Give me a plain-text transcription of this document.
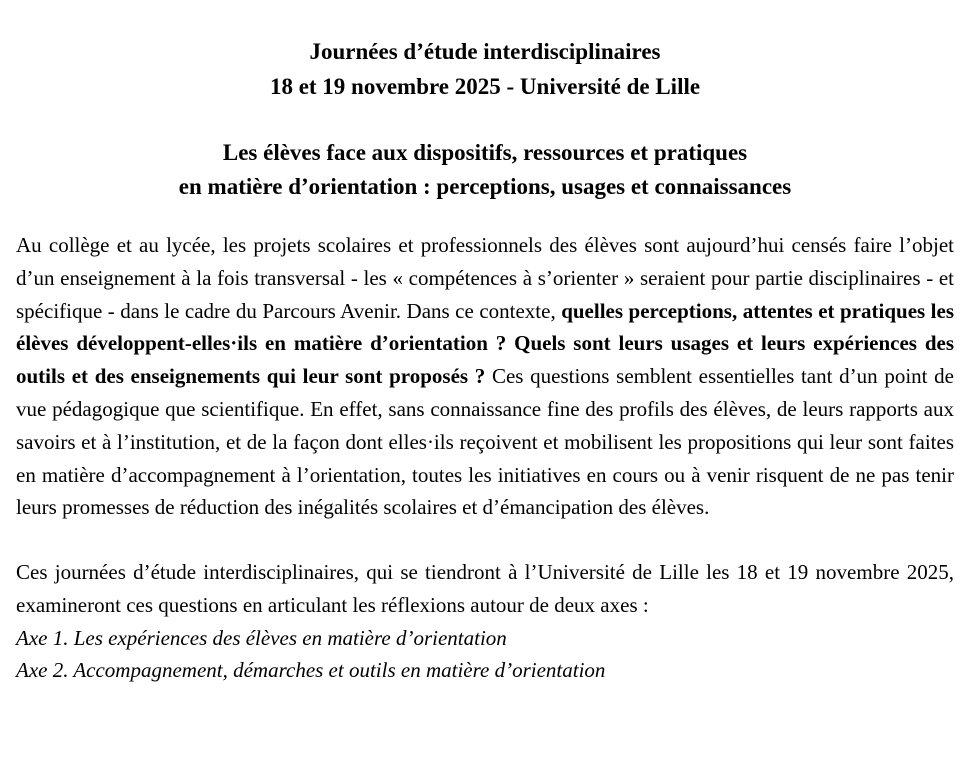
Journées d’étude interdisciplinaires
18 et 19 novembre 2025 - Université de Lille
Les élèves face aux dispositifs, ressources et pratiques
en matière d’orientation : perceptions, usages et connaissances

Au collège et au lycée, les projets scolaires et professionnels des élèves sont aujourd’hui censés faire l’objet d’un enseignement à la fois transversal - les « compétences à s’orienter » seraient pour partie disciplinaires - et spécifique - dans le cadre du Parcours Avenir. Dans ce contexte, quelles perceptions, attentes et pratiques les élèves développent-elles·ils en matière d’orientation ? Quels sont leurs usages et leurs expériences des outils et des enseignements qui leur sont proposés ? Ces questions semblent essentielles tant d’un point de vue pédagogique que scientifique. En effet, sans connaissance fine des profils des élèves, de leurs rapports aux savoirs et à l’institution, et de la façon dont elles·ils reçoivent et mobilisent les propositions qui leur sont faites en matière d’accompagnement à l’orientation, toutes les initiatives en cours ou à venir risquent de ne pas tenir leurs promesses de réduction des inégalités scolaires et d’émancipation des élèves.

Ces journées d’étude interdisciplinaires, qui se tiendront à l’Université de Lille les 18 et 19 novembre 2025, examineront ces questions en articulant les réflexions autour de deux axes :

Axe 1. Les expériences des élèves en matière d’orientation
Axe 2. Accompagnement, démarches et outils en matière d’orientation
